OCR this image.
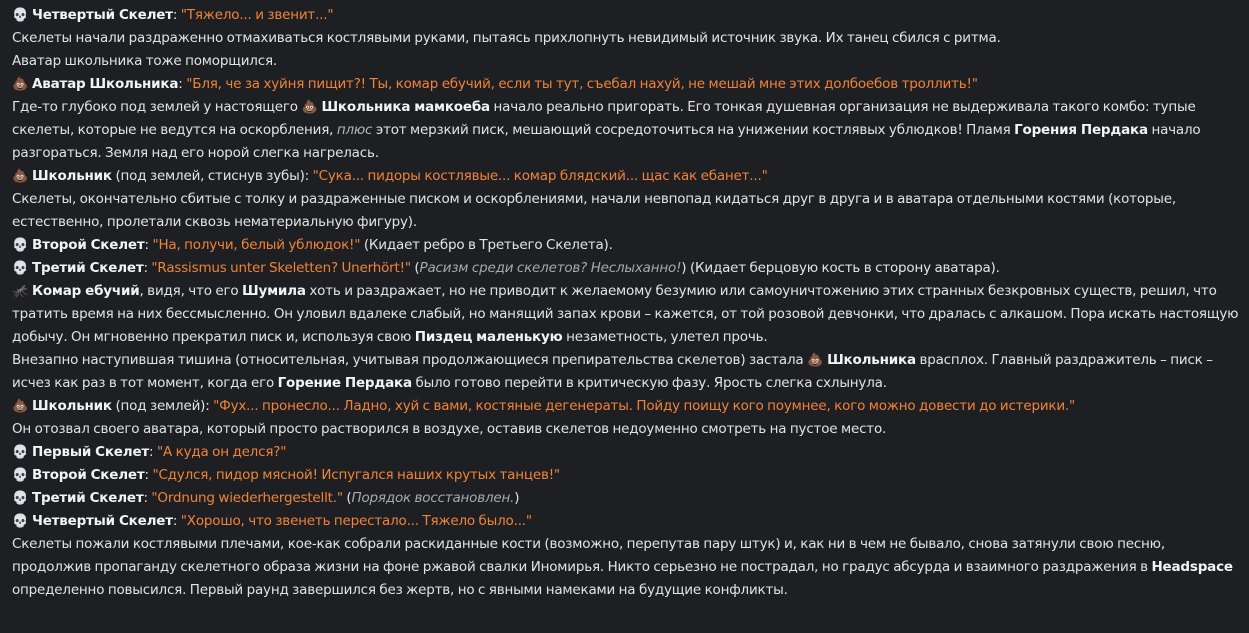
💀 Четвертый Скелет: "Тяжело... и звенит..."
Скелеты начали раздраженно отмахиваться костлявыми руками, пытаясь прихлопнуть невидимый источник звука. Их танец сбился с ритма.
Аватар школьника тоже поморщился.
💩 Аватар Школьника: "Бля, че за хуйня пищит?! Ты, комар ебучий, если ты тут, съебал нахуй, не мешай мне этих долбоебов троллить!"
Где-то глубоко под землей у настоящего 💩 Школьника мамкоеба начало реально пригорать. Его тонкая душевная организация не выдерживала такого комбо: тупые скелеты, которые не ведутся на оскорбления, плюс этот мерзкий писк, мешающий сосредоточиться на унижении костлявых ублюдков! Пламя Горения Пердака начало разгораться. Земля над его норой слегка нагрелась.
💩 Школьник (под землей, стиснув зубы): "Сука... пидоры костлявые... комар блядский... щас как ебанет..."
Скелеты, окончательно сбитые с толку и раздраженные писком и оскорблениями, начали невпопад кидаться друг в друга и в аватара отдельными костями (которые, естественно, пролетали сквозь нематериальную фигуру).
💀 Второй Скелет: "На, получи, белый ублюдок!" (Кидает ребро в Третьего Скелета).
💀 Третий Скелет: "Rassismus unter Skeletten? Unerhört!" (Расизм среди скелетов? Неслыханно!) (Кидает берцовую кость в сторону аватара).
🦟 Комар ебучий, видя, что его Шумила хоть и раздражает, но не приводит к желаемому безумию или самоуничтожению этих странных безкровных существ, решил, что тратить время на них бессмысленно. Он уловил вдалеке слабый, но манящий запах крови – кажется, от той розовой девчонки, что дралась с алкашом. Пора искать настоящую добычу. Он мгновенно прекратил писк и, используя свою Пиздец маленькую незаметность, улетел прочь.
Внезапно наступившая тишина (относительная, учитывая продолжающиеся препирательства скелетов) застала 💩 Школьника врасплох. Главный раздражитель – писк – исчез как раз в тот момент, когда его Горение Пердака было готово перейти в критическую фазу. Ярость слегка схлынула.
💩 Школьник (под землей): "Фух... пронесло... Ладно, хуй с вами, костяные дегенераты. Пойду поищу кого поумнее, кого можно довести до истерики."
Он отозвал своего аватара, который просто растворился в воздухе, оставив скелетов недоуменно смотреть на пустое место.
💀 Первый Скелет: "А куда он делся?"
💀 Второй Скелет: "Сдулся, пидор мясной! Испугался наших крутых танцев!"
💀 Третий Скелет: "Ordnung wiederhergestellt." (Порядок восстановлен.)
💀 Четвертый Скелет: "Хорошо, что звенеть перестало... Тяжело было..."
Скелеты пожали костлявыми плечами, кое-как собрали раскиданные кости (возможно, перепутав пару штук) и, как ни в чем не бывало, снова затянули свою песню, продолжив пропаганду скелетного образа жизни на фоне ржавой свалки Иномирья. Никто серьезно не пострадал, но градус абсурда и взаимного раздражения в Headspace определенно повысился. Первый раунд завершился без жертв, но с явными намеками на будущие конфликты.
